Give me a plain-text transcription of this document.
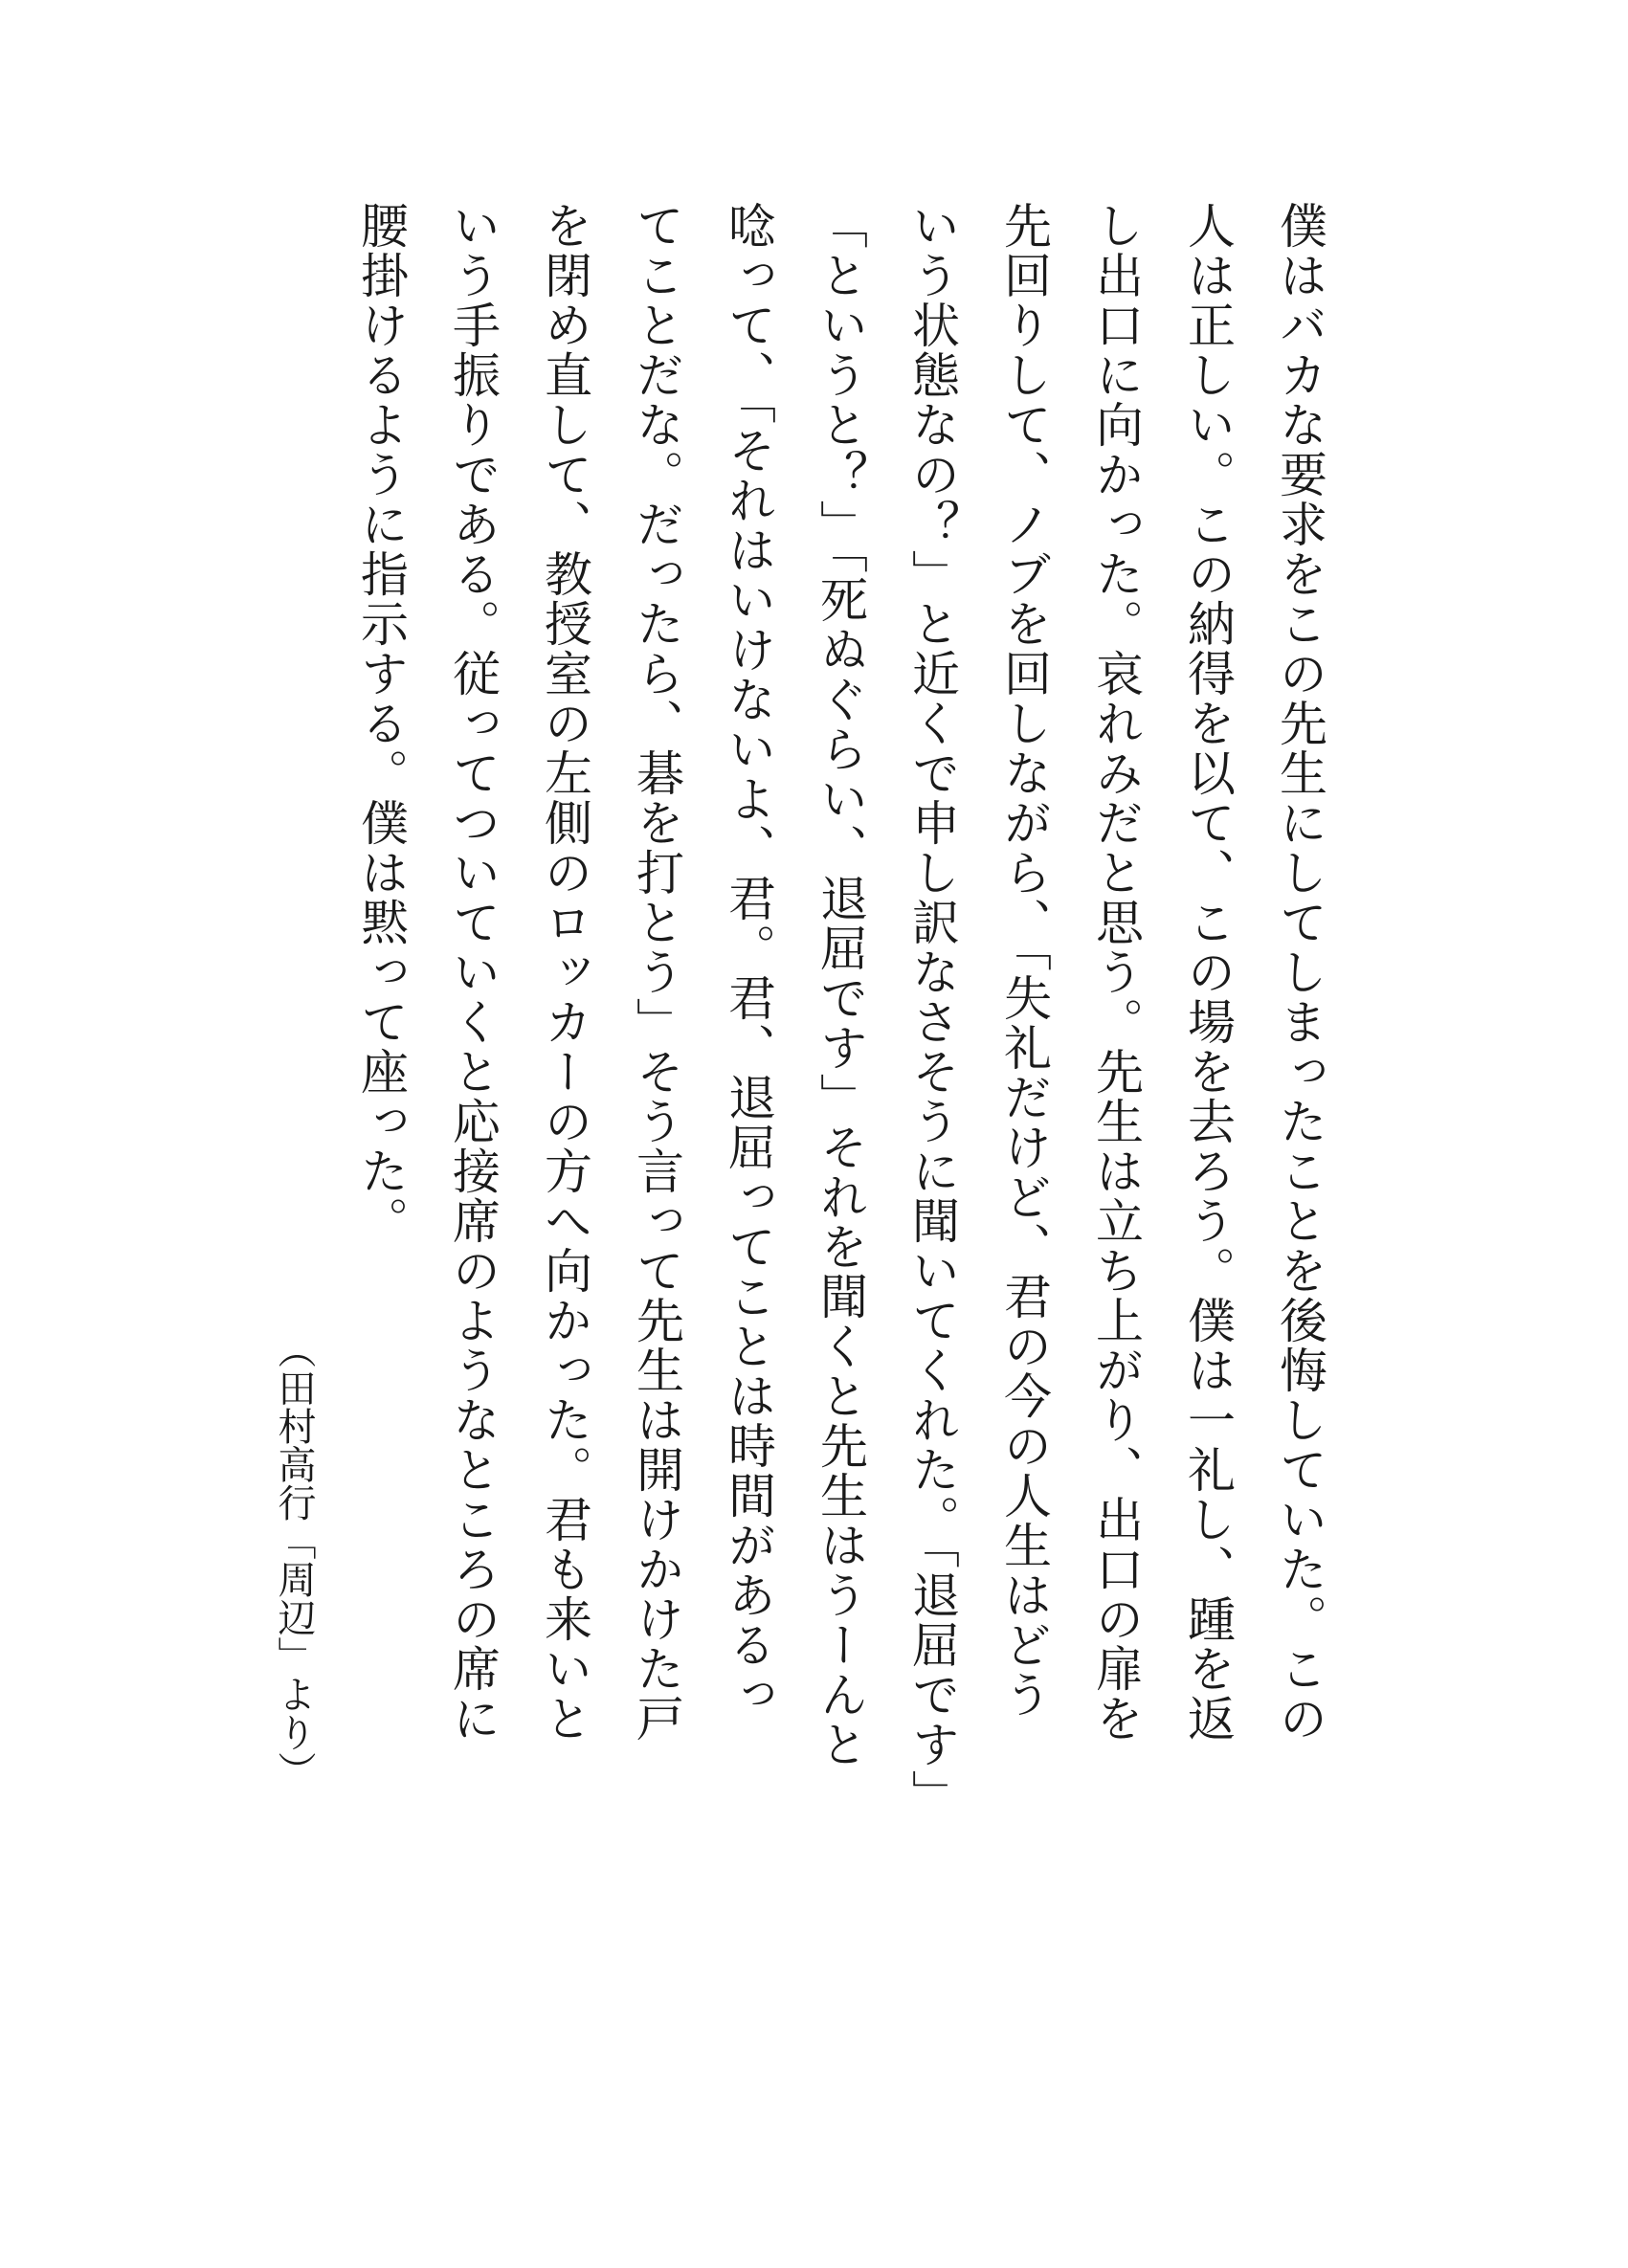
僕はバカな要求をこの先生にしてしまったことを後悔していた。この
人は正しい。この納得を以て、この場を去ろう。僕は一礼し、踵を返
し出口に向かった。哀れみだと思う。先生は立ち上がり、出口の扉を
先回りして、ノブを回しながら、「失礼だけど、君の今の人生はどう
いう状態なの？」と近くで申し訳なさそうに聞いてくれた。「退屈です」
「というと？」「死ぬぐらい、退屈です」それを聞くと先生はうーんと
唸って、「それはいけないよ、君。君、退屈ってことは時間があるっ
てことだな。だったら、碁を打とう」そう言って先生は開けかけた戸
を閉め直して、教授室の左側のロッカーの方へ向かった。君も来いと
いう手振りである。従ってついていくと応接席のようなところの席に
腰掛けるように指示する。僕は黙って座った。
（田村高行「周辺」より）
